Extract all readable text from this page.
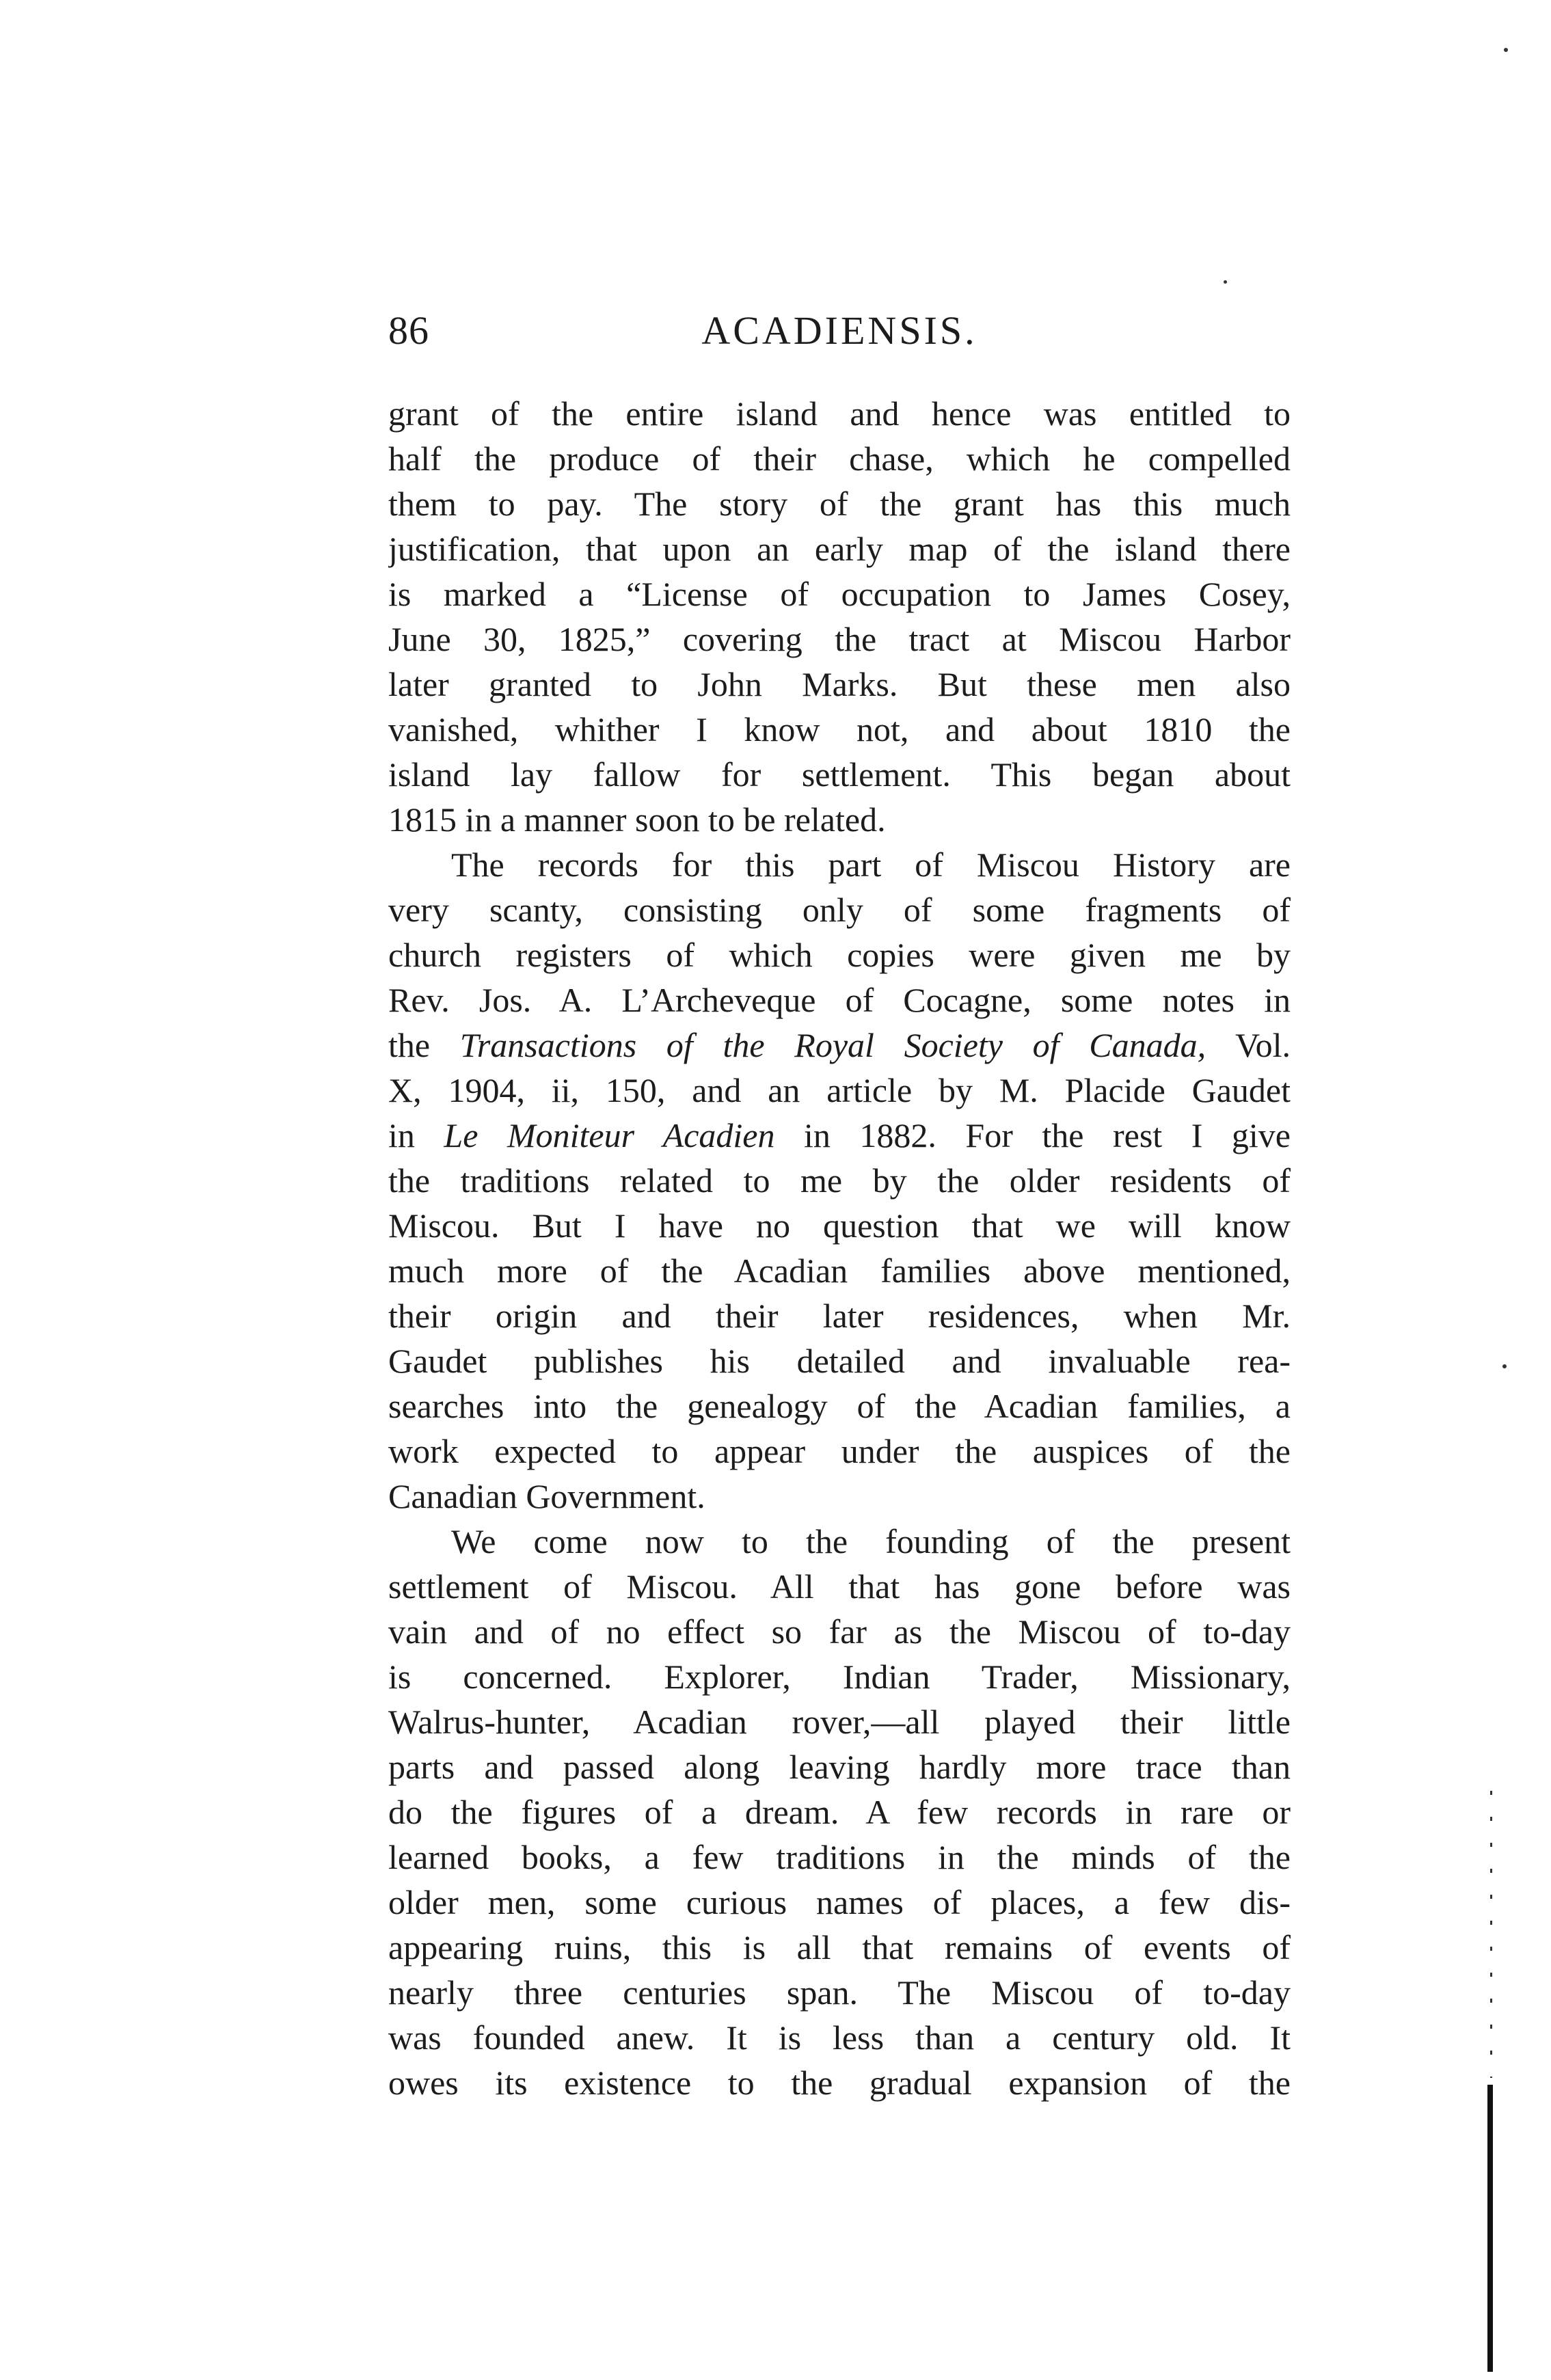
86	ACADIENSIS.
grant of the entire island and hence was entitled to
half the produce of their chase, which he compelled
them to pay. The story of the grant has this much
justification, that upon an early map of the island there
is marked a “License of occupation to James Cosey,
June 30, 1825,” covering the tract at Miscou Harbor
later granted to John Marks. But these men also
vanished, whither I know not, and about 1810 the
island lay fallow for settlement. This began about
1815 in a manner soon to be related.
The records for this part of Miscou History are
very scanty, consisting only of some fragments of
church registers of which copies were given me by
Rev. Jos. A. L’Archeveque of Cocagne, some notes in
the Transactions of the Royal Society of Canada, Vol.
X, 1904, ii, 150, and an article by M. Placide Gaudet
in Le Moniteur Acadien in 1882. For the rest I give
the traditions related to me by the older residents of
Miscou. But I have no question that we will know
much more of the Acadian families above mentioned,
their origin and their later residences, when Mr.
Gaudet publishes his detailed and invaluable rea-
searches into the genealogy of the Acadian families, a
work expected to appear under the auspices of the
Canadian Government.
We come now to the founding of the present
settlement of Miscou. All that has gone before was
vain and of no effect so far as the Miscou of to-day
is concerned. Explorer, Indian Trader, Missionary,
Walrus-hunter, Acadian rover,—all played their little
parts and passed along leaving hardly more trace than
do the figures of a dream. A few records in rare or
learned books, a few traditions in the minds of the
older men, some curious names of places, a few dis-
appearing ruins, this is all that remains of events of
nearly three centuries span. The Miscou of to-day
was founded anew. It is less than a century old. It
owes its existence to the gradual expansion of the
